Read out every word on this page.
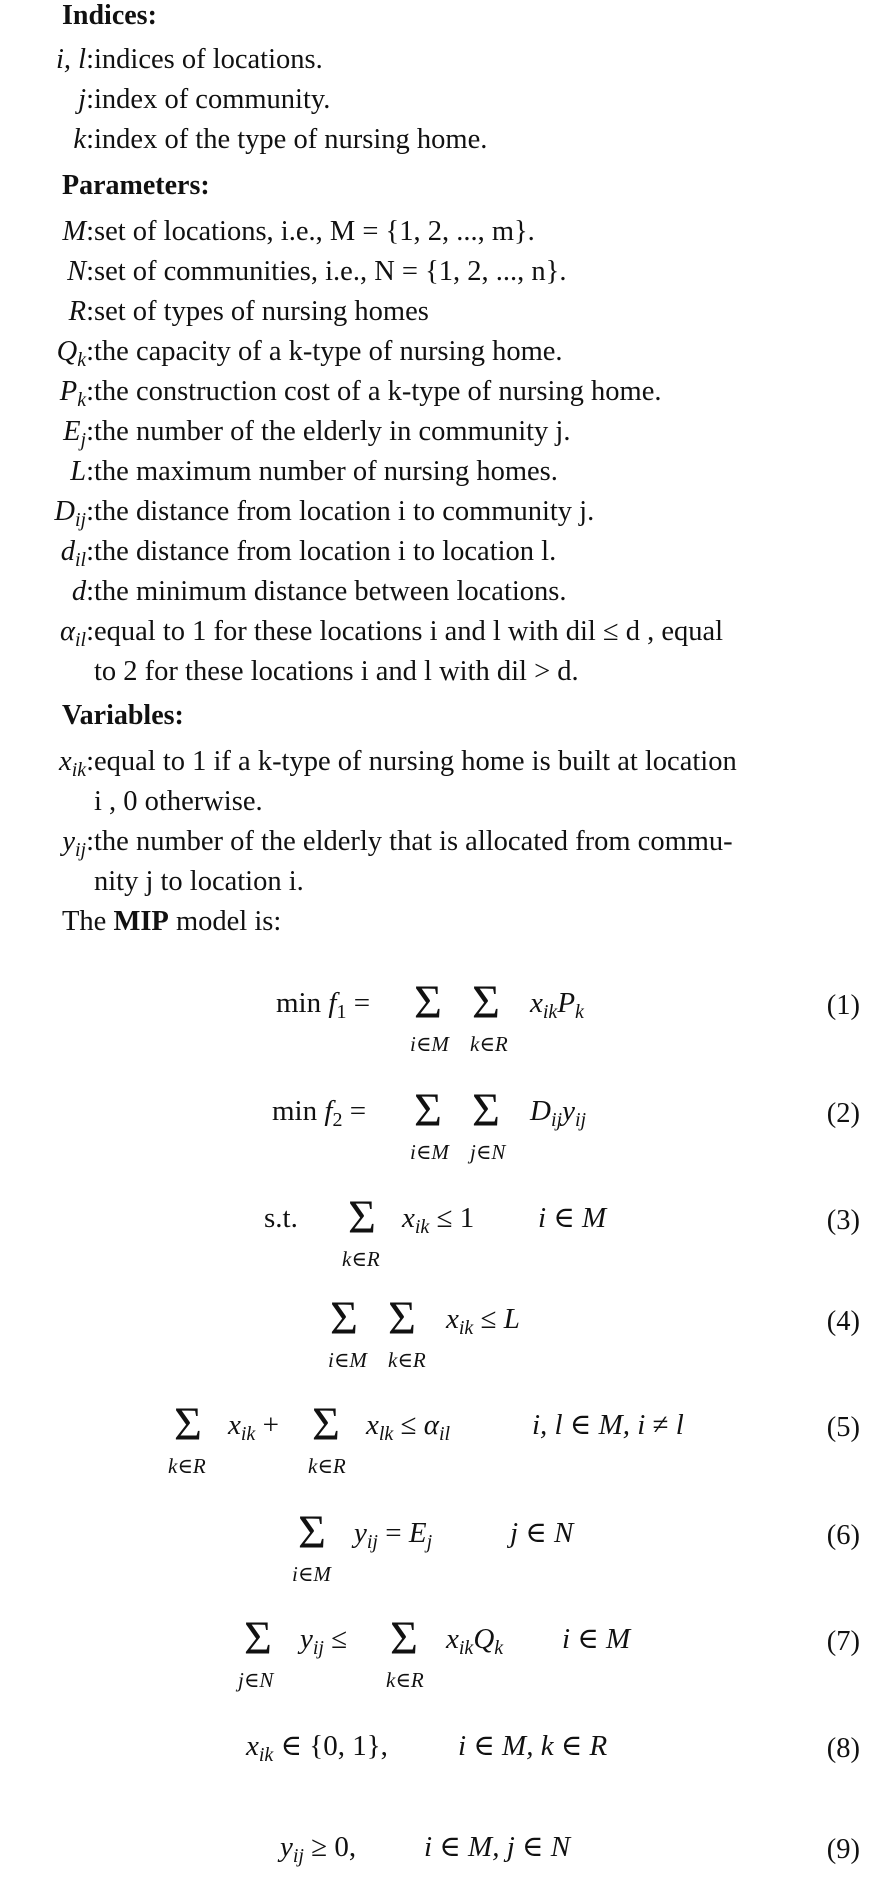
Indices:
i, l: indices of locations.
j: index of community.
k: index of the type of nursing home.
Parameters:
M: set of locations, i.e., M = {1, 2, ..., m}.
N: set of communities, i.e., N = {1, 2, ..., n}.
R: set of types of nursing homes
$Q_k$: the capacity of a k-type of nursing home.
$P_k$: the construction cost of a k-type of nursing home.
$E_j$: the number of the elderly in community j.
L: the maximum number of nursing homes.
$D_{ij}$: the distance from location i to community j.
$d_{il}$: the distance from location i to location l.
d: the minimum distance between locations.
$\alpha_{il}$: equal to 1 for these locations i and l with dil ≤ d , equal
to 2 for these locations i and l with dil > d.
Variables:
$x_{ik}$: equal to 1 if a k-type of nursing home is built at location
i , 0 otherwise.
$y_{ij}$: the number of the elderly that is allocated from commu-
nity j to location i.
The MIP model is:
$\min f_1 = \Sigma$ Σ $x_{ik}P_k$
i∈M k∈R
$\min f_2 = \Sigma$ Σ $D_{ij}y_{ij}$
i∈M j∈N
s.t. Σ $x_{ik} \le 1$ i ∈ M
k∈R
Σ Σ $x_{ik} \le L$
i∈M k∈R
Σ $x_{ik} + \Sigma$ $x_{lk} \le \alpha_{il}$	i, l ∈ M, i ≠ l
k∈R	k∈R
Σ $y_{ij} = E_j$	j ∈ N
i∈M
Σ $y_{ij} \le \Sigma$ $x_{ik}Q_k$ i ∈ M
j∈N	k∈R
$x_{ik}$ ∈ {0, 1}, i ∈ M, k ∈ R
$y_{ij} \ge 0$, i ∈ M, j ∈ N
(1)
(2)
(3)
(4)
(5)
(6)
(7)
(8)
(9)
